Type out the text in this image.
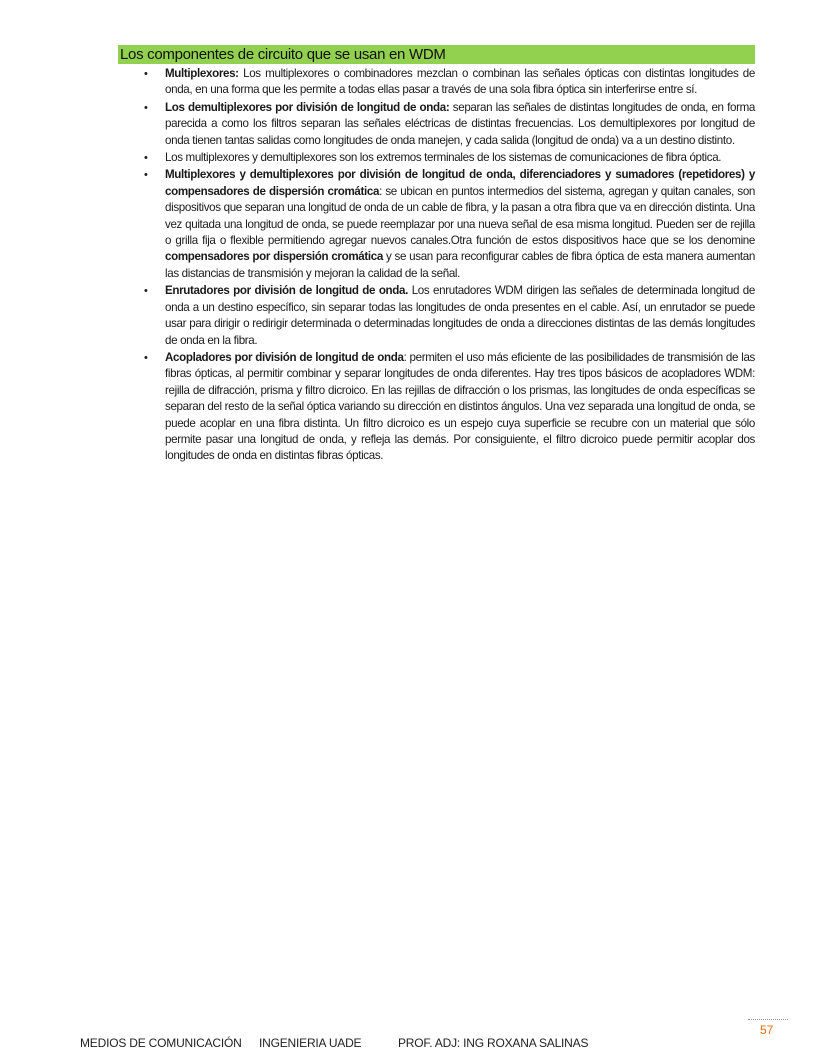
Los componentes de circuito que se usan en WDM
• Multiplexores: Los multiplexores o combinadores mezclan o combinan las señales ópticas con distintas longitudes de onda, en una forma que les permite a todas ellas pasar a través de una sola fibra óptica sin interferirse entre sí.
• Los demultiplexores por división de longitud de onda: separan las señales de distintas longitudes de onda, en forma parecida a como los filtros separan las señales eléctricas de distintas frecuencias. Los demultiplexores por longitud de onda tienen tantas salidas como longitudes de onda manejen, y cada salida (longitud de onda) va a un destino distinto.
• Los multiplexores y demultiplexores son los extremos terminales de los sistemas de comunicaciones de fibra óptica.
• Multiplexores y demultiplexores por división de longitud de onda, diferenciadores y sumadores (repetidores) y compensadores de dispersión cromática: se ubican en puntos intermedios del sistema, agregan y quitan canales, son dispositivos que separan una longitud de onda de un cable de fibra, y la pasan a otra fibra que va en dirección distinta. Una vez quitada una longitud de onda, se puede reemplazar por una nueva señal de esa misma longitud. Pueden ser de rejilla o grilla fija o flexible permitiendo agregar nuevos canales.Otra función de estos dispositivos hace que se los denomine compensadores por dispersión cromática y se usan para reconfigurar cables de fibra óptica de esta manera aumentan las distancias de transmisión y mejoran la calidad de la señal.
• Enrutadores por división de longitud de onda. Los enrutadores WDM dirigen las señales de determinada longitud de onda a un destino específico, sin separar todas las longitudes de onda presentes en el cable. Así, un enrutador se puede usar para dirigir o redirigir determinada o determinadas longitudes de onda a direcciones distintas de las demás longitudes de onda en la fibra.
• Acopladores por división de longitud de onda: permiten el uso más eficiente de las posibilidades de transmisión de las fibras ópticas, al permitir combinar y separar longitudes de onda diferentes. Hay tres tipos básicos de acopladores WDM: rejilla de difracción, prisma y filtro dicroico. En las rejillas de difracción o los prismas, las longitudes de onda específicas se separan del resto de la señal óptica variando su dirección en distintos ángulos. Una vez separada una longitud de onda, se puede acoplar en una fibra distinta. Un filtro dicroico es un espejo cuya superficie se recubre con un material que sólo permite pasar una longitud de onda, y refleja las demás. Por consiguiente, el filtro dicroico puede permitir acoplar dos longitudes de onda en distintas fibras ópticas.
57
MEDIOS DE COMUNICACIÓN INGENIERIA UADE	PROF. ADJ: ING ROXANA SALINAS
